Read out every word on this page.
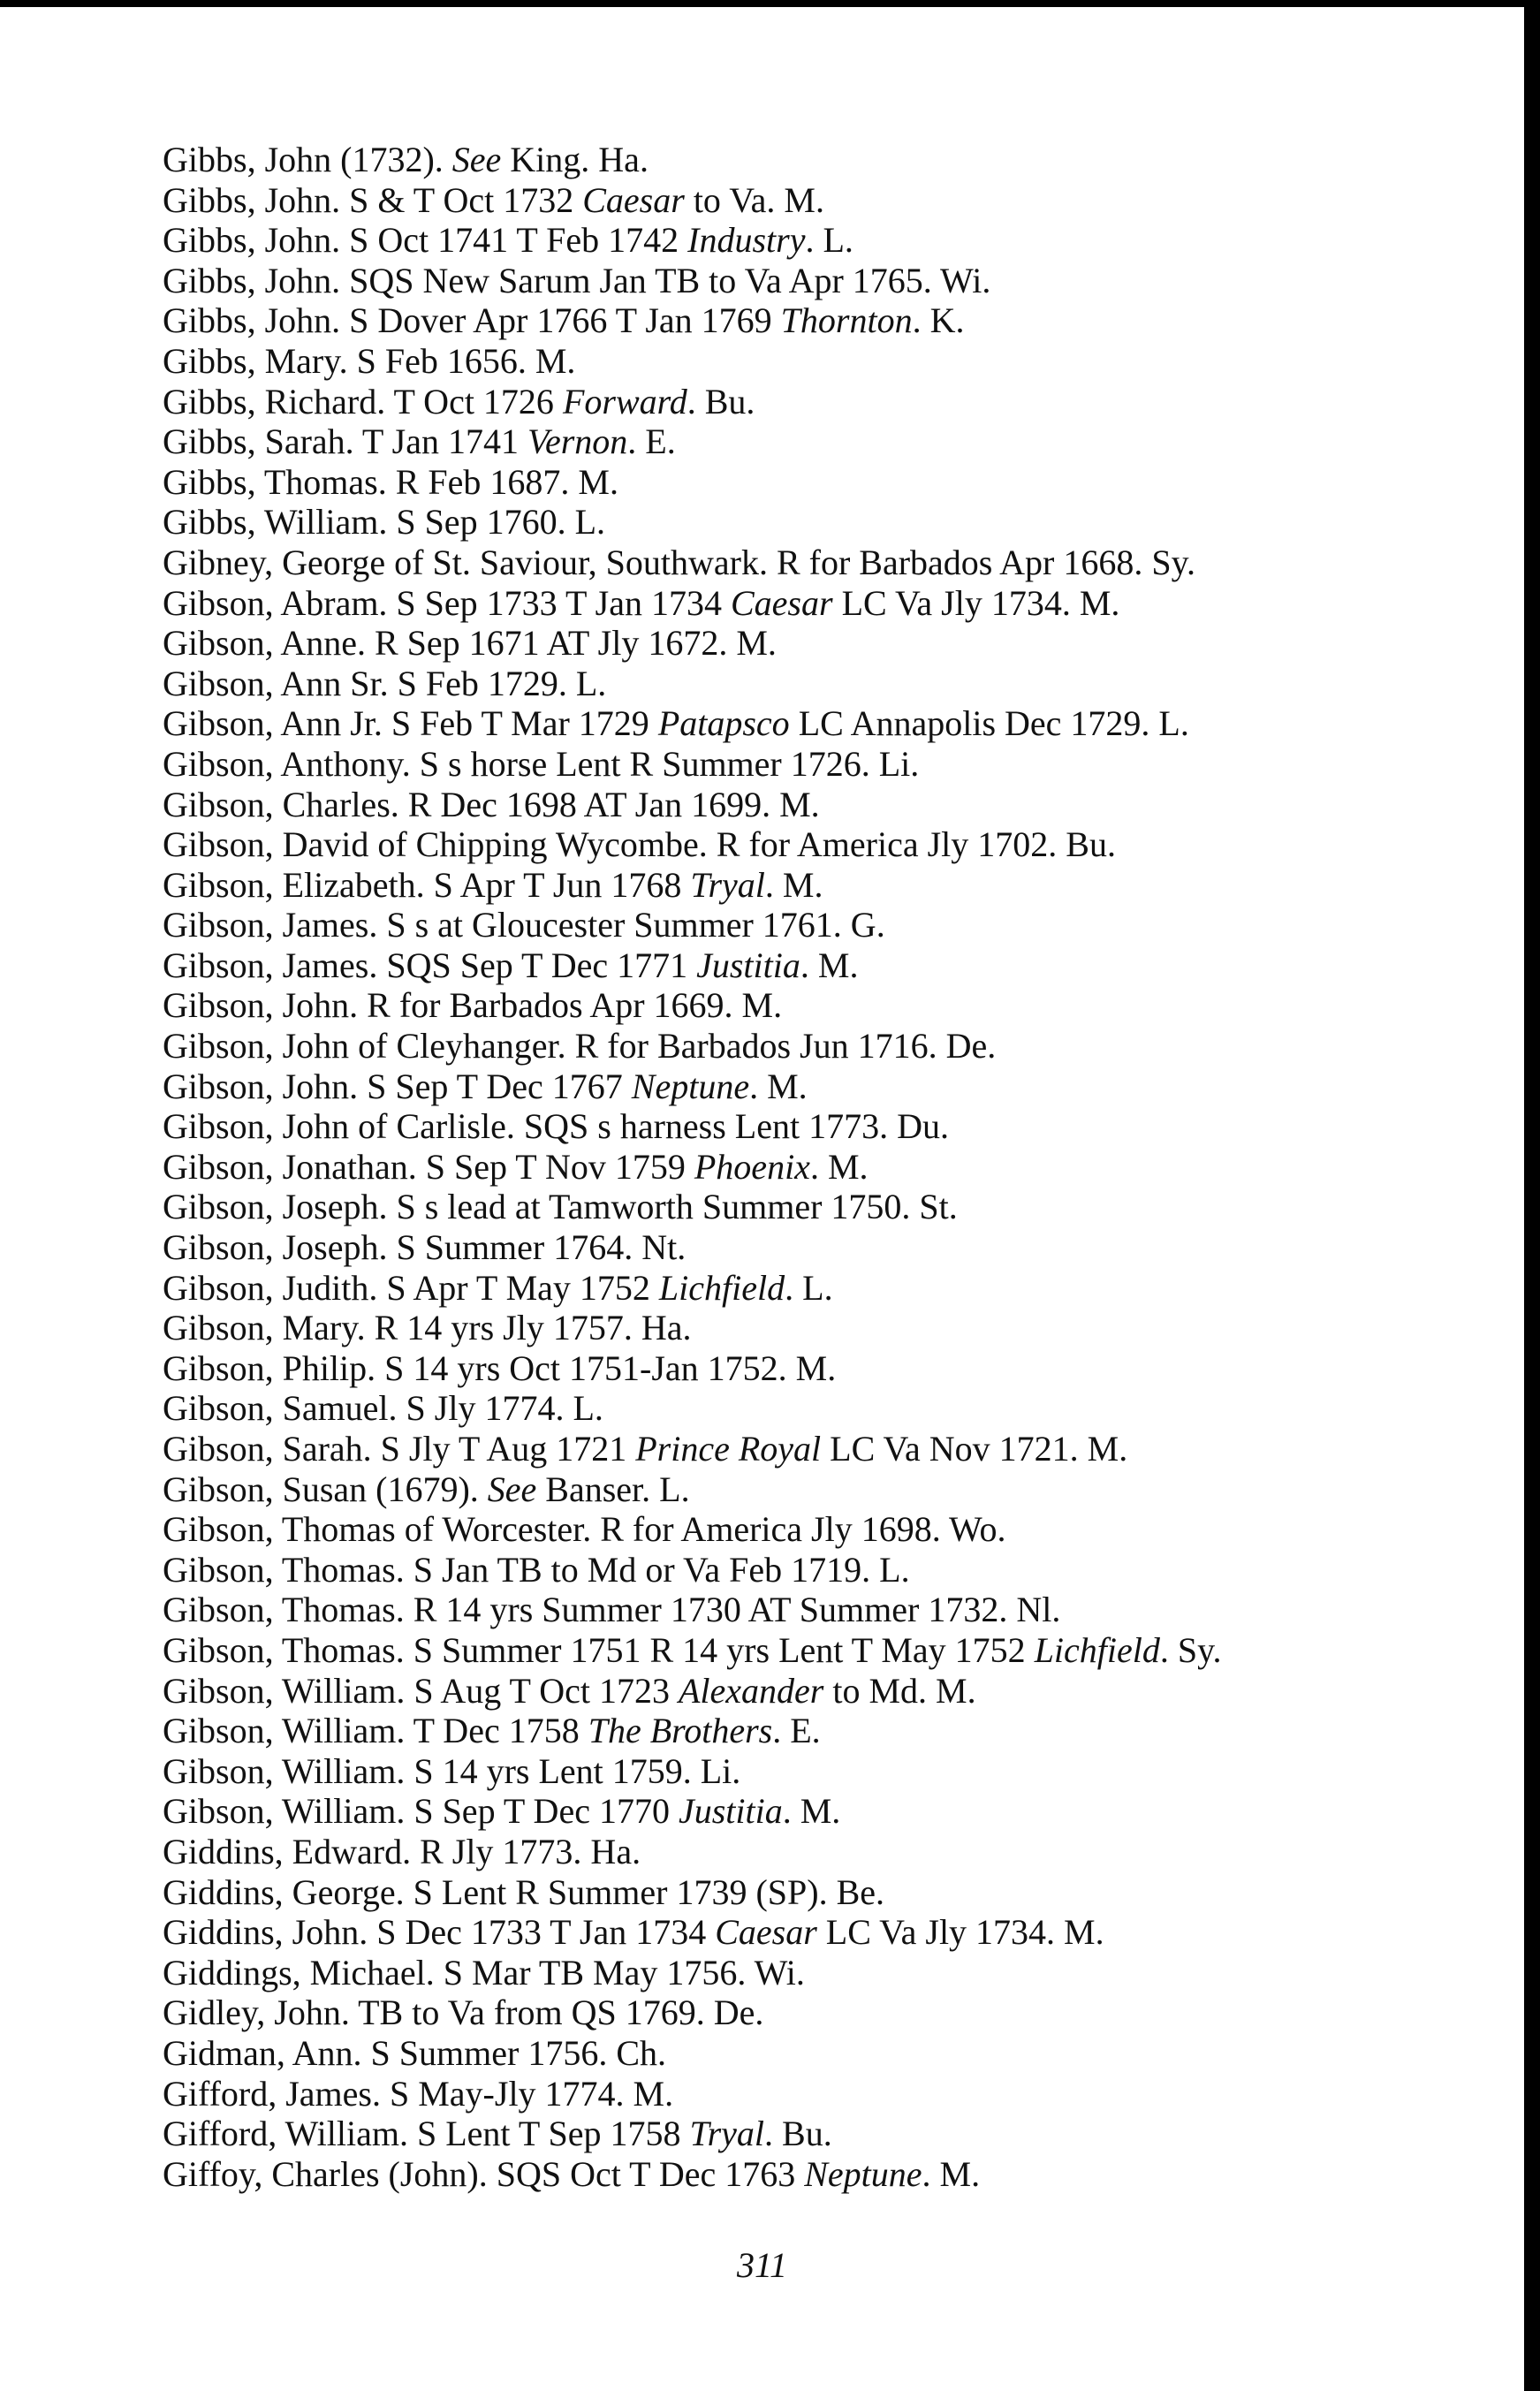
Gibbs, John (1732). See King. Ha.
Gibbs, John. S & T Oct 1732 Caesar to Va. M.
Gibbs, John. S Oct 1741 T Feb 1742 Industry. L.
Gibbs, John. SQS New Sarum Jan TB to Va Apr 1765. Wi.
Gibbs, John. S Dover Apr 1766 T Jan 1769 Thornton. K.
Gibbs, Mary. S Feb 1656. M.
Gibbs, Richard. T Oct 1726 Forward. Bu.
Gibbs, Sarah. T Jan 1741 Vernon. E.
Gibbs, Thomas. R Feb 1687. M.
Gibbs, William. S Sep 1760. L.
Gibney, George of St. Saviour, Southwark. R for Barbados Apr 1668. Sy.
Gibson, Abram. S Sep 1733 T Jan 1734 Caesar LC Va Jly 1734. M.
Gibson, Anne. R Sep 1671 AT Jly 1672. M.
Gibson, Ann Sr. S Feb 1729. L.
Gibson, Ann Jr. S Feb T Mar 1729 Patapsco LC Annapolis Dec 1729. L.
Gibson, Anthony. S s horse Lent R Summer 1726. Li.
Gibson, Charles. R Dec 1698 AT Jan 1699. M.
Gibson, David of Chipping Wycombe. R for America Jly 1702. Bu.
Gibson, Elizabeth. S Apr T Jun 1768 Tryal. M.
Gibson, James. S s at Gloucester Summer 1761. G.
Gibson, James. SQS Sep T Dec 1771 Justitia. M.
Gibson, John. R for Barbados Apr 1669. M.
Gibson, John of Cleyhanger. R for Barbados Jun 1716. De.
Gibson, John. S Sep T Dec 1767 Neptune. M.
Gibson, John of Carlisle. SQS s harness Lent 1773. Du.
Gibson, Jonathan. S Sep T Nov 1759 Phoenix. M.
Gibson, Joseph. S s lead at Tamworth Summer 1750. St.
Gibson, Joseph. S Summer 1764. Nt.
Gibson, Judith. S Apr T May 1752 Lichfield. L.
Gibson, Mary. R 14 yrs Jly 1757. Ha.
Gibson, Philip. S 14 yrs Oct 1751-Jan 1752. M.
Gibson, Samuel. S Jly 1774. L.
Gibson, Sarah. S Jly T Aug 1721 Prince Royal LC Va Nov 1721. M.
Gibson, Susan (1679). See Banser. L.
Gibson, Thomas of Worcester. R for America Jly 1698. Wo.
Gibson, Thomas. S Jan TB to Md or Va Feb 1719. L.
Gibson, Thomas. R 14 yrs Summer 1730 AT Summer 1732. Nl.
Gibson, Thomas. S Summer 1751 R 14 yrs Lent T May 1752 Lichfield. Sy.
Gibson, William. S Aug T Oct 1723 Alexander to Md. M.
Gibson, William. T Dec 1758 The Brothers. E.
Gibson, William. S 14 yrs Lent 1759. Li.
Gibson, William. S Sep T Dec 1770 Justitia. M.
Giddins, Edward. R Jly 1773. Ha.
Giddins, George. S Lent R Summer 1739 (SP). Be.
Giddins, John. S Dec 1733 T Jan 1734 Caesar LC Va Jly 1734. M.
Giddings, Michael. S Mar TB May 1756. Wi.
Gidley, John. TB to Va from QS 1769. De.
Gidman, Ann. S Summer 1756. Ch.
Gifford, James. S May-Jly 1774. M.
Gifford, William. S Lent T Sep 1758 Tryal. Bu.
Giffoy, Charles (John). SQS Oct T Dec 1763 Neptune. M.
311
